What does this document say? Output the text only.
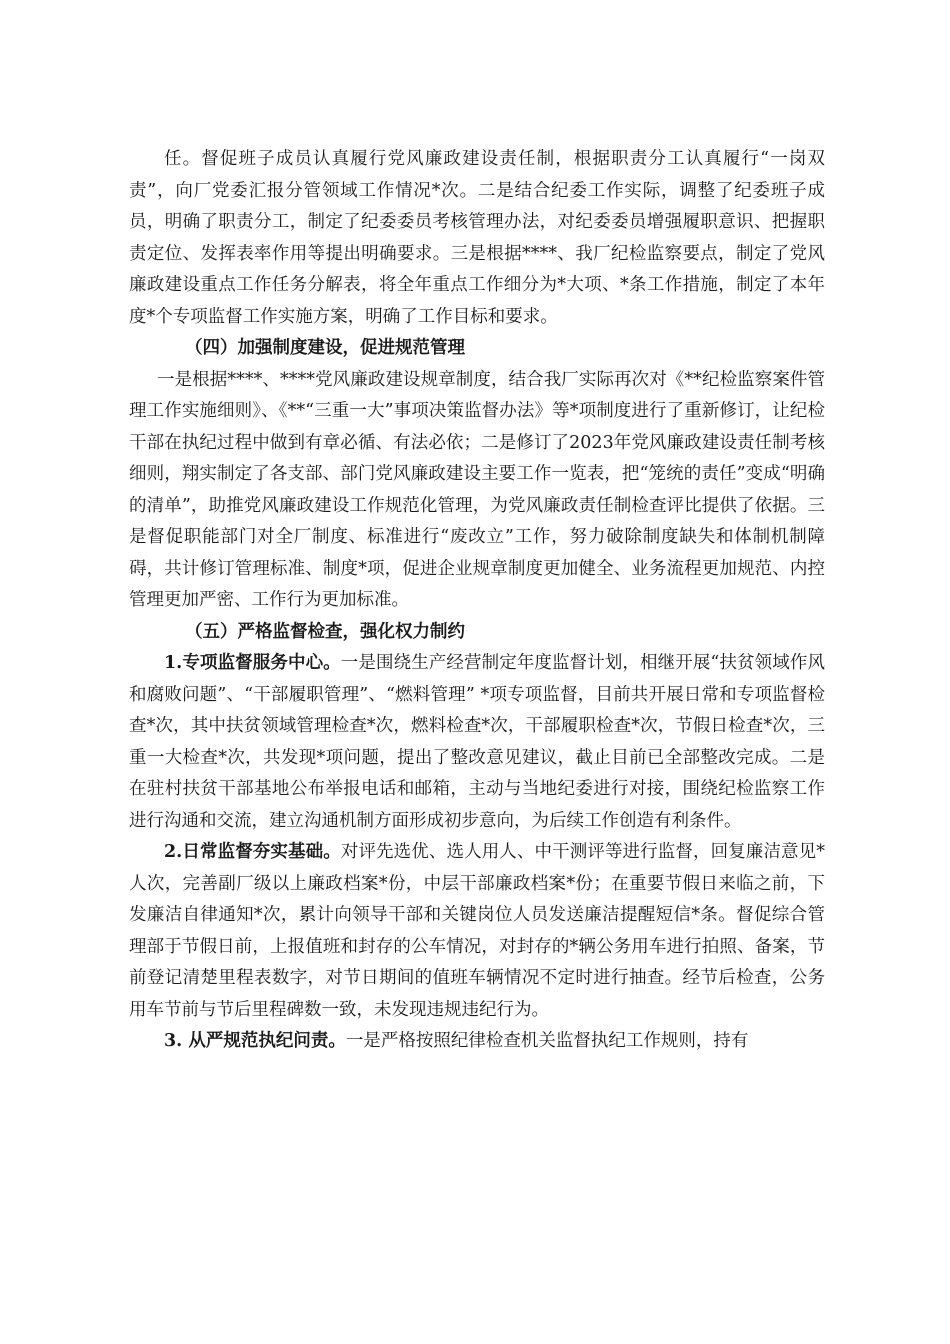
任。督促班子成员认真履行党风廉政建设责任制，根据职责分工认真履行“一岗双责”，向厂党委汇报分管领域工作情况*次。二是结合纪委工作实际，调整了纪委班子成员，明确了职责分工，制定了纪委委员考核管理办法，对纪委委员增强履职意识、把握职责定位、发挥表率作用等提出明确要求。三是根据****、我厂纪检监察要点，制定了党风廉政建设重点工作任务分解表，将全年重点工作细分为*大项、*条工作措施，制定了本年度*个专项监督工作实施方案，明确了工作目标和要求。

（四）加强制度建设，促进规范管理

一是根据****、****党风廉政建设规章制度，结合我厂实际再次对《**纪检监察案件管理工作实施细则》、《**“三重一大”事项决策监督办法》等*项制度进行了重新修订，让纪检干部在执纪过程中做到有章必循、有法必依；二是修订了2023年党风廉政建设责任制考核细则，翔实制定了各支部、部门党风廉政建设主要工作一览表，把“笼统的责任”变成“明确的清单”，助推党风廉政建设工作规范化管理，为党风廉政责任制检查评比提供了依据。三是督促职能部门对全厂制度、标准进行“废改立”工作，努力破除制度缺失和体制机制障碍，共计修订管理标准、制度*项，促进企业规章制度更加健全、业务流程更加规范、内控管理更加严密、工作行为更加标准。

（五）严格监督检查，强化权力制约

1.专项监督服务中心。一是围绕生产经营制定年度监督计划，相继开展“扶贫领域作风和腐败问题”、“干部履职管理”、“燃料管理” *项专项监督，目前共开展日常和专项监督检查*次，其中扶贫领域管理检查*次，燃料检查*次，干部履职检查*次，节假日检查*次，三重一大检查*次，共发现*项问题，提出了整改意见建议，截止目前已全部整改完成。二是在驻村扶贫干部基地公布举报电话和邮箱，主动与当地纪委进行对接，围绕纪检监察工作进行沟通和交流，建立沟通机制方面形成初步意向，为后续工作创造有利条件。

2.日常监督夯实基础。对评先选优、选人用人、中干测评等进行监督，回复廉洁意见*人次，完善副厂级以上廉政档案*份，中层干部廉政档案*份；在重要节假日来临之前，下发廉洁自律通知*次，累计向领导干部和关键岗位人员发送廉洁提醒短信*条。督促综合管理部于节假日前，上报值班和封存的公车情况，对封存的*辆公务用车进行拍照、备案，节前登记清楚里程表数字，对节日期间的值班车辆情况不定时进行抽查。经节后检查，公务用车节前与节后里程碑数一致，未发现违规违纪行为。

3. 从严规范执纪问责。一是严格按照纪律检查机关监督执纪工作规则，持有
